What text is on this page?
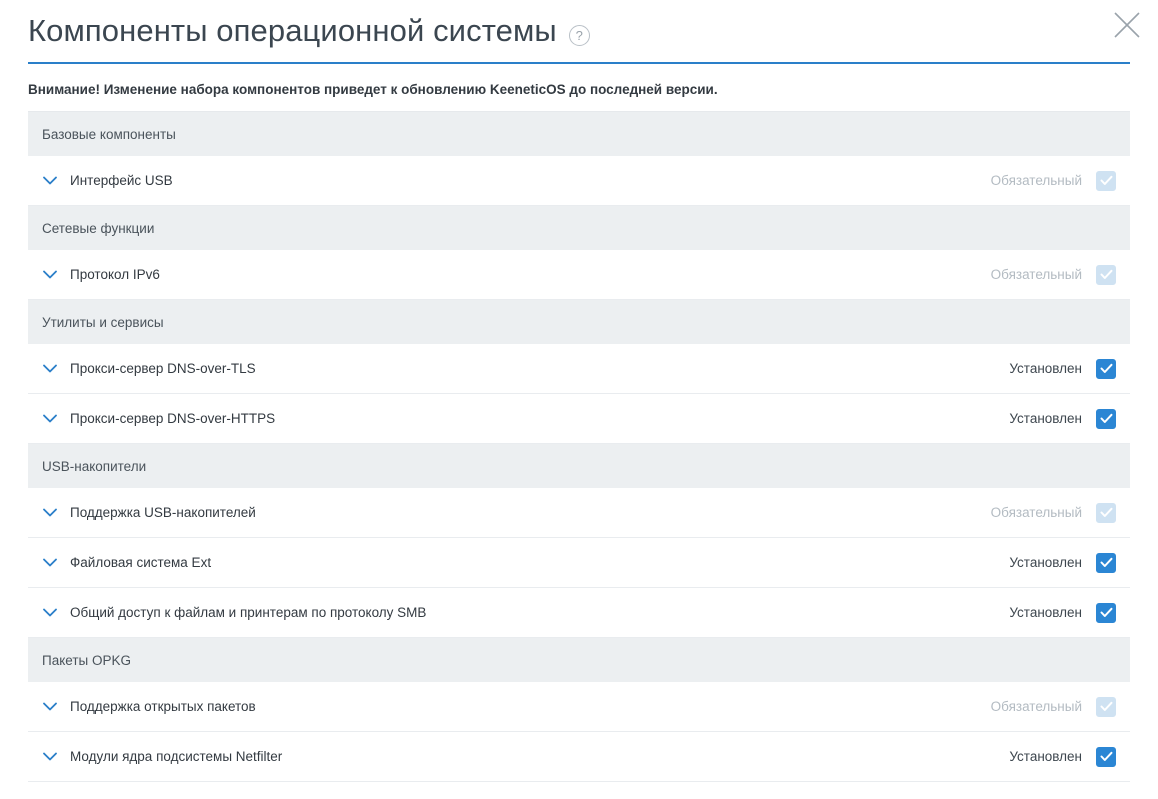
Компоненты операционной системы	?
Внимание! Изменение набора компонентов приведет к обновлению KeeneticOS до последней версии.
Базовые компоненты
Интерфейс USB	Обязательный
Сетевые функции
Протокол IPv6	Обязательный
Утилиты и сервисы
Прокси-сервер DNS-over-TLS	Установлен
Прокси-сервер DNS-over-HTTPS	Установлен
USB-накопители
Поддержка USB-накопителей	Обязательный
Файловая система Ext	Установлен
Общий доступ к файлам и принтерам по протоколу SMB	Установлен
Пакеты OPKG
Поддержка открытых пакетов	Обязательный
Модули ядра подсистемы Netfilter	Установлен
